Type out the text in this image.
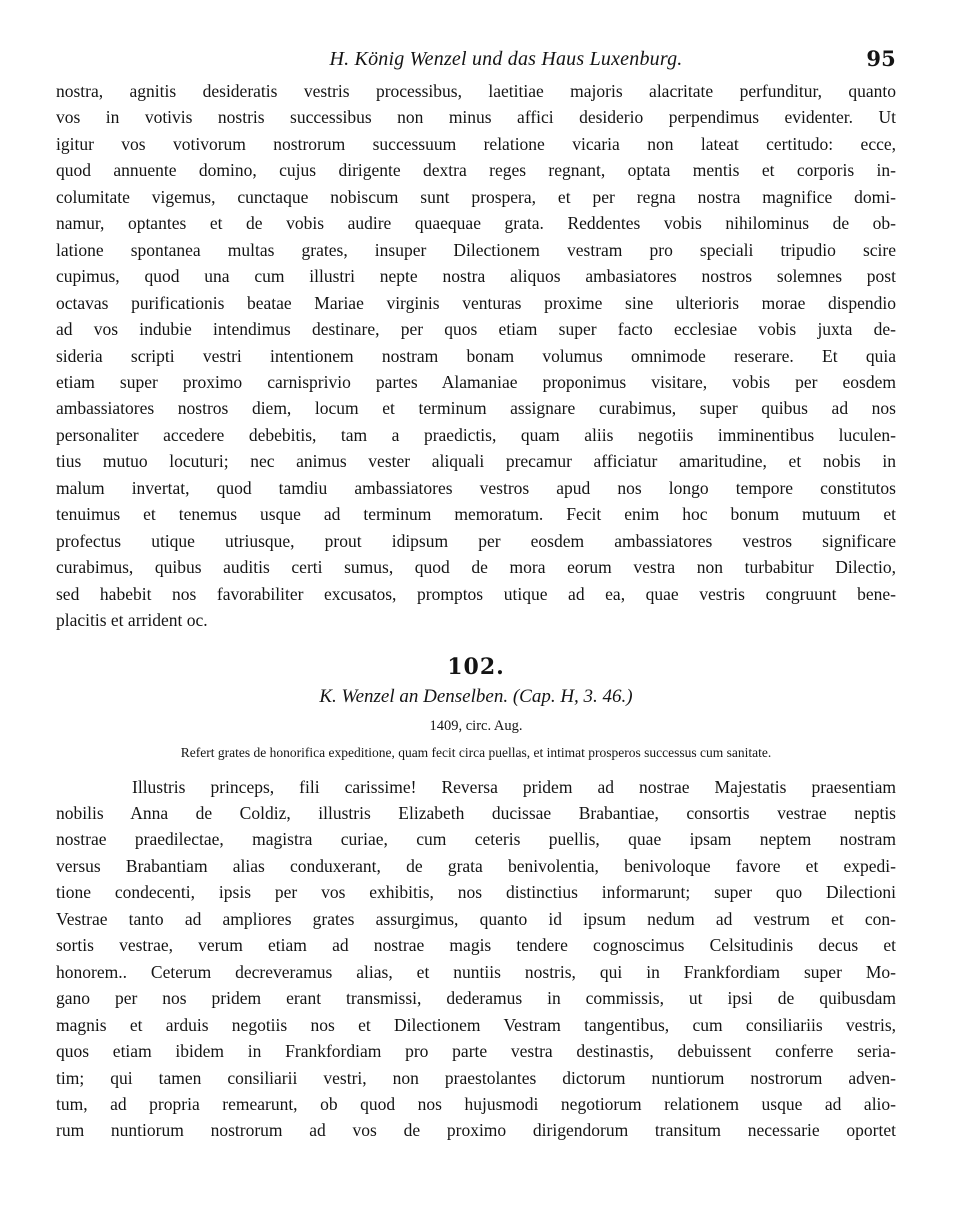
H. König Wenzel und das Haus Luxenburg.	95
nostra, agnitis desideratis vestris processibus, laetitiae majoris alacritate perfunditur, quanto
vos in votivis nostris successibus non minus affici desiderio perpendimus evidenter. Ut
igitur vos votivorum nostrorum successuum relatione vicaria non lateat certitudo: ecce,
quod annuente domino, cujus dirigente dextra reges regnant, optata mentis et corporis in-
columitate vigemus, cunctaque nobiscum sunt prospera, et per regna nostra magnifice domi-
namur, optantes et de vobis audire quaequae grata. Reddentes vobis nihilominus de ob-
latione spontanea multas grates, insuper Dilectionem vestram pro speciali tripudio scire
cupimus, quod una cum illustri nepte nostra aliquos ambasiatores nostros solemnes post
octavas purificationis beatae Mariae virginis venturas proxime sine ulterioris morae dispendio
ad vos indubie intendimus destinare, per quos etiam super facto ecclesiae vobis juxta de-
sideria scripti vestri intentionem nostram bonam volumus omnimode reserare. Et quia
etiam super proximo carnisprivio partes Alamaniae proponimus visitare, vobis per eosdem
ambassiatores nostros diem, locum et terminum assignare curabimus, super quibus ad nos
personaliter accedere debebitis, tam a praedictis, quam aliis negotiis imminentibus luculen-
tius mutuo locuturi; nec animus vester aliquali precamur afficiatur amaritudine, et nobis in
malum invertat, quod tamdiu ambassiatores vestros apud nos longo tempore constitutos
tenuimus et tenemus usque ad terminum memoratum. Fecit enim hoc bonum mutuum et
profectus utique utriusque, prout idipsum per eosdem ambassiatores vestros significare
curabimus, quibus auditis certi sumus, quod de mora eorum vestra non turbabitur Dilectio,
sed habebit nos favorabiliter excusatos, promptos utique ad ea, quae vestris congruunt bene-
placitis et arrident oc.
102.
K. Wenzel an Denselben. (Cap. H, 3. 46.)
1409, circ. Aug.
Refert grates de honorifica expeditione, quam fecit circa puellas, et intimat prosperos successus cum sanitate.
Illustris princeps, fili carissime! Reversa pridem ad nostrae Majestatis praesentiam
nobilis Anna de Coldiz, illustris Elizabeth ducissae Brabantiae, consortis vestrae neptis
nostrae praedilectae, magistra curiae, cum ceteris puellis, quae ipsam neptem nostram
versus Brabantiam alias conduxerant, de grata benivolentia, benivoloque favore et expedi-
tione condecenti, ipsis per vos exhibitis, nos distinctius informarunt; super quo Dilectioni
Vestrae tanto ad ampliores grates assurgimus, quanto id ipsum nedum ad vestrum et con-
sortis vestrae, verum etiam ad nostrae magis tendere cognoscimus Celsitudinis decus et
honorem.. Ceterum decreveramus alias, et nuntiis nostris, qui in Frankfordiam super Mo-
gano per nos pridem erant transmissi, dederamus in commissis, ut ipsi de quibusdam
magnis et arduis negotiis nos et Dilectionem Vestram tangentibus, cum consiliariis vestris,
quos etiam ibidem in Frankfordiam pro parte vestra destinastis, debuissent conferre seria-
tim; qui tamen consiliarii vestri, non praestolantes dictorum nuntiorum nostrorum adven-
tum, ad propria remearunt, ob quod nos hujusmodi negotiorum relationem usque ad alio-
rum nuntiorum nostrorum ad vos de proximo dirigendorum transitum necessarie oportet
